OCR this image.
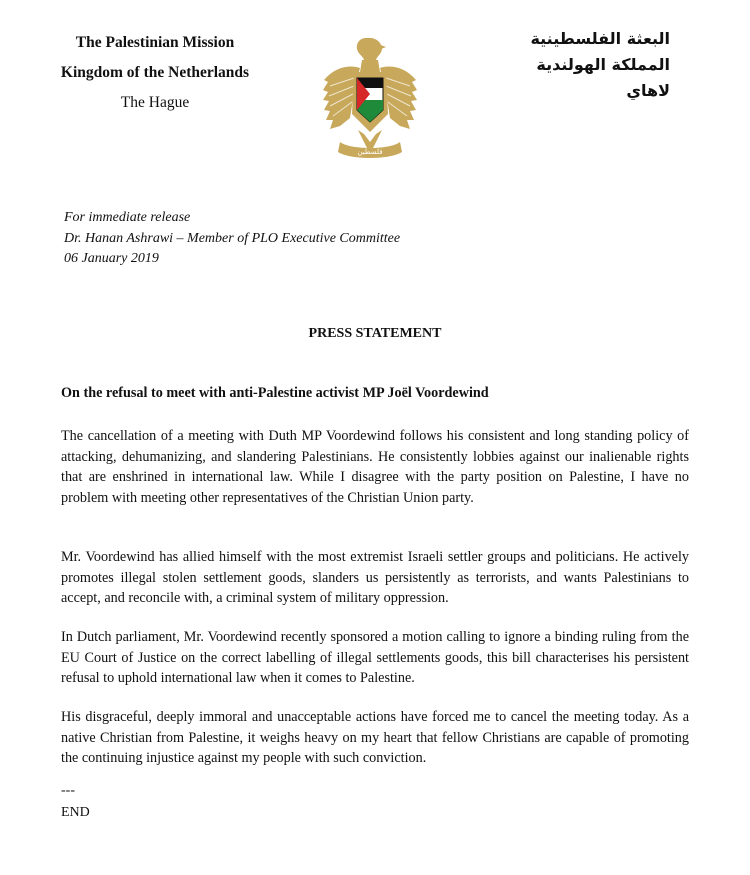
The Palestinian Mission
Kingdom of the Netherlands
The Hague
فلسطين
البعثة الفلسطينية
المملكة الهولندية
لاهاي
For immediate release
Dr. Hanan Ashrawi – Member of PLO Executive Committee
06 January 2019
PRESS STATEMENT
On the refusal to meet with anti-Palestine activist MP Joël Voordewind
The cancellation of a meeting with Duth MP Voordewind follows his consistent and long standing policy of attacking, dehumanizing, and slandering Palestinians. He consistently lobbies against our inalienable rights that are enshrined in international law. While I disagree with the party position on Palestine, I have no problem with meeting other representatives of the Christian Union party.
Mr. Voordewind has allied himself with the most extremist Israeli settler groups and politicians. He actively promotes illegal stolen settlement goods, slanders us persistently as terrorists, and wants Palestinians to accept, and reconcile with, a criminal system of military oppression.
In Dutch parliament, Mr. Voordewind recently sponsored a motion calling to ignore a binding ruling from the EU Court of Justice on the correct labelling of illegal settlements goods, this bill characterises his persistent refusal to uphold international law when it comes to Palestine.
His disgraceful, deeply immoral and unacceptable actions have forced me to cancel the meeting today. As a native Christian from Palestine, it weighs heavy on my heart that fellow Christians are capable of promoting the continuing injustice against my people with such conviction.
---
END
